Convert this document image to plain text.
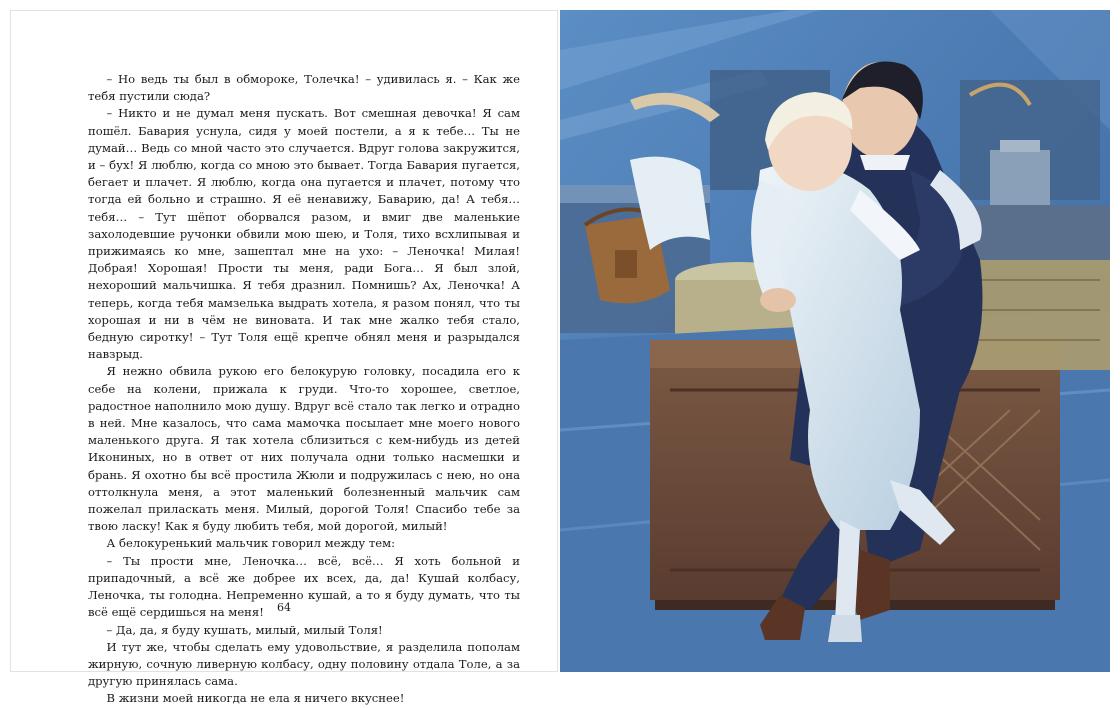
– Но ведь ты был в обмороке, Толечка! – удивилась я. – Как же тебя пустили сюда?

– Никто и не думал меня пускать. Вот смешная девочка! Я сам пошёл. Бавария уснула, сидя у моей постели, а я к тебе… Ты не думай… Ведь со мной часто это случается. Вдруг голова закружится, и – бух! Я люблю, когда со мною это бывает. Тогда Бавария пугается, бегает и плачет. Я люблю, когда она пугается и плачет, потому что тогда ей больно и страшно. Я её ненавижу, Баварию, да! А тебя… тебя… – Тут шёпот оборвался разом, и вмиг две маленькие захолодевшие ручонки обвили мою шею, и Толя, тихо всхлипывая и прижимаясь ко мне, зашептал мне на ухо: – Леночка! Милая! Добрая! Хорошая! Прости ты меня, ради Бога… Я был злой, нехороший мальчишка. Я тебя дразнил. Помнишь? Ах, Леночка! А теперь, когда тебя мамзелька выдрать хотела, я разом понял, что ты хорошая и ни в чём не виновата. И так мне жалко тебя стало, бедную сиротку! – Тут Толя ещё крепче обнял меня и разрыдался навзрыд.

Я нежно обвила рукою его белокурую головку, посадила его к себе на колени, прижала к груди. Что-то хорошее, светлое, радостное наполнило мою душу. Вдруг всё стало так легко и отрадно в ней. Мне казалось, что сама мамочка посылает мне моего нового маленького друга. Я так хотела сблизиться с кем-нибудь из детей Икониных, но в ответ от них получала одни только насмешки и брань. Я охотно бы всё простила Жюли и подружилась с нею, но она оттолкнула меня, а этот маленький болезненный мальчик сам пожелал приласкать меня. Милый, дорогой Толя! Спасибо тебе за твою ласку! Как я буду любить тебя, мой дорогой, милый!

А белокуренький мальчик говорил между тем:

– Ты прости мне, Леночка… всё, всё… Я хоть больной и припадочный, а всё же добрее их всех, да, да! Кушай колбасу, Леночка, ты голодна. Непременно кушай, а то я буду думать, что ты всё ещё сердишься на меня!

– Да, да, я буду кушать, милый, милый Толя!

И тут же, чтобы сделать ему удовольствие, я разделила пополам жирную, сочную ливерную колбасу, одну половину отдала Толе, а за другую принялась сама.

В жизни моей никогда не ела я ничего вкуснее!

64
